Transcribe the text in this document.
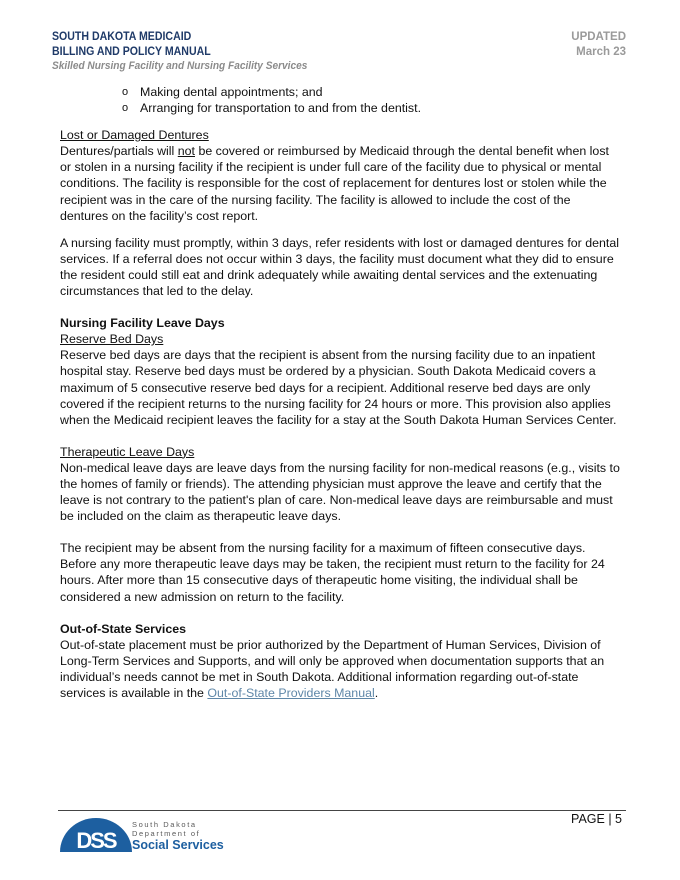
SOUTH DAKOTA MEDICAID
BILLING AND POLICY MANUAL
Skilled Nursing Facility and Nursing Facility Services
UPDATED
March 23
o Making dental appointments; and
o Arranging for transportation to and from the dentist.
Lost or Damaged Dentures

Dentures/partials will not be covered or reimbursed by Medicaid through the dental benefit when lost or stolen in a nursing facility if the recipient is under full care of the facility due to physical or mental conditions. The facility is responsible for the cost of replacement for dentures lost or stolen while the recipient was in the care of the nursing facility. The facility is allowed to include the cost of the dentures on the facility’s cost report.

A nursing facility must promptly, within 3 days, refer residents with lost or damaged dentures for dental services. If a referral does not occur within 3 days, the facility must document what they did to ensure the resident could still eat and drink adequately while awaiting dental services and the extenuating circumstances that led to the delay.

Nursing Facility Leave Days
Reserve Bed Days

Reserve bed days are days that the recipient is absent from the nursing facility due to an inpatient hospital stay. Reserve bed days must be ordered by a physician. South Dakota Medicaid covers a maximum of 5 consecutive reserve bed days for a recipient. Additional reserve bed days are only covered if the recipient returns to the nursing facility for 24 hours or more. This provision also applies when the Medicaid recipient leaves the facility for a stay at the South Dakota Human Services Center.

Therapeutic Leave Days

Non-medical leave days are leave days from the nursing facility for non-medical reasons (e.g., visits to the homes of family or friends). The attending physician must approve the leave and certify that the leave is not contrary to the patient's plan of care. Non-medical leave days are reimbursable and must be included on the claim as therapeutic leave days.

The recipient may be absent from the nursing facility for a maximum of fifteen consecutive days. Before any more therapeutic leave days may be taken, the recipient must return to the facility for 24 hours. After more than 15 consecutive days of therapeutic home visiting, the individual shall be considered a new admission on return to the facility.

Out-of-State Services

Out-of-state placement must be prior authorized by the Department of Human Services, Division of Long-Term Services and Supports, and will only be approved when documentation supports that an individual’s needs cannot be met in South Dakota. Additional information regarding out-of-state services is available in the Out-of-State Providers Manual.

PAGE | 5
DSS
South Dakota
Department of
Social Services
